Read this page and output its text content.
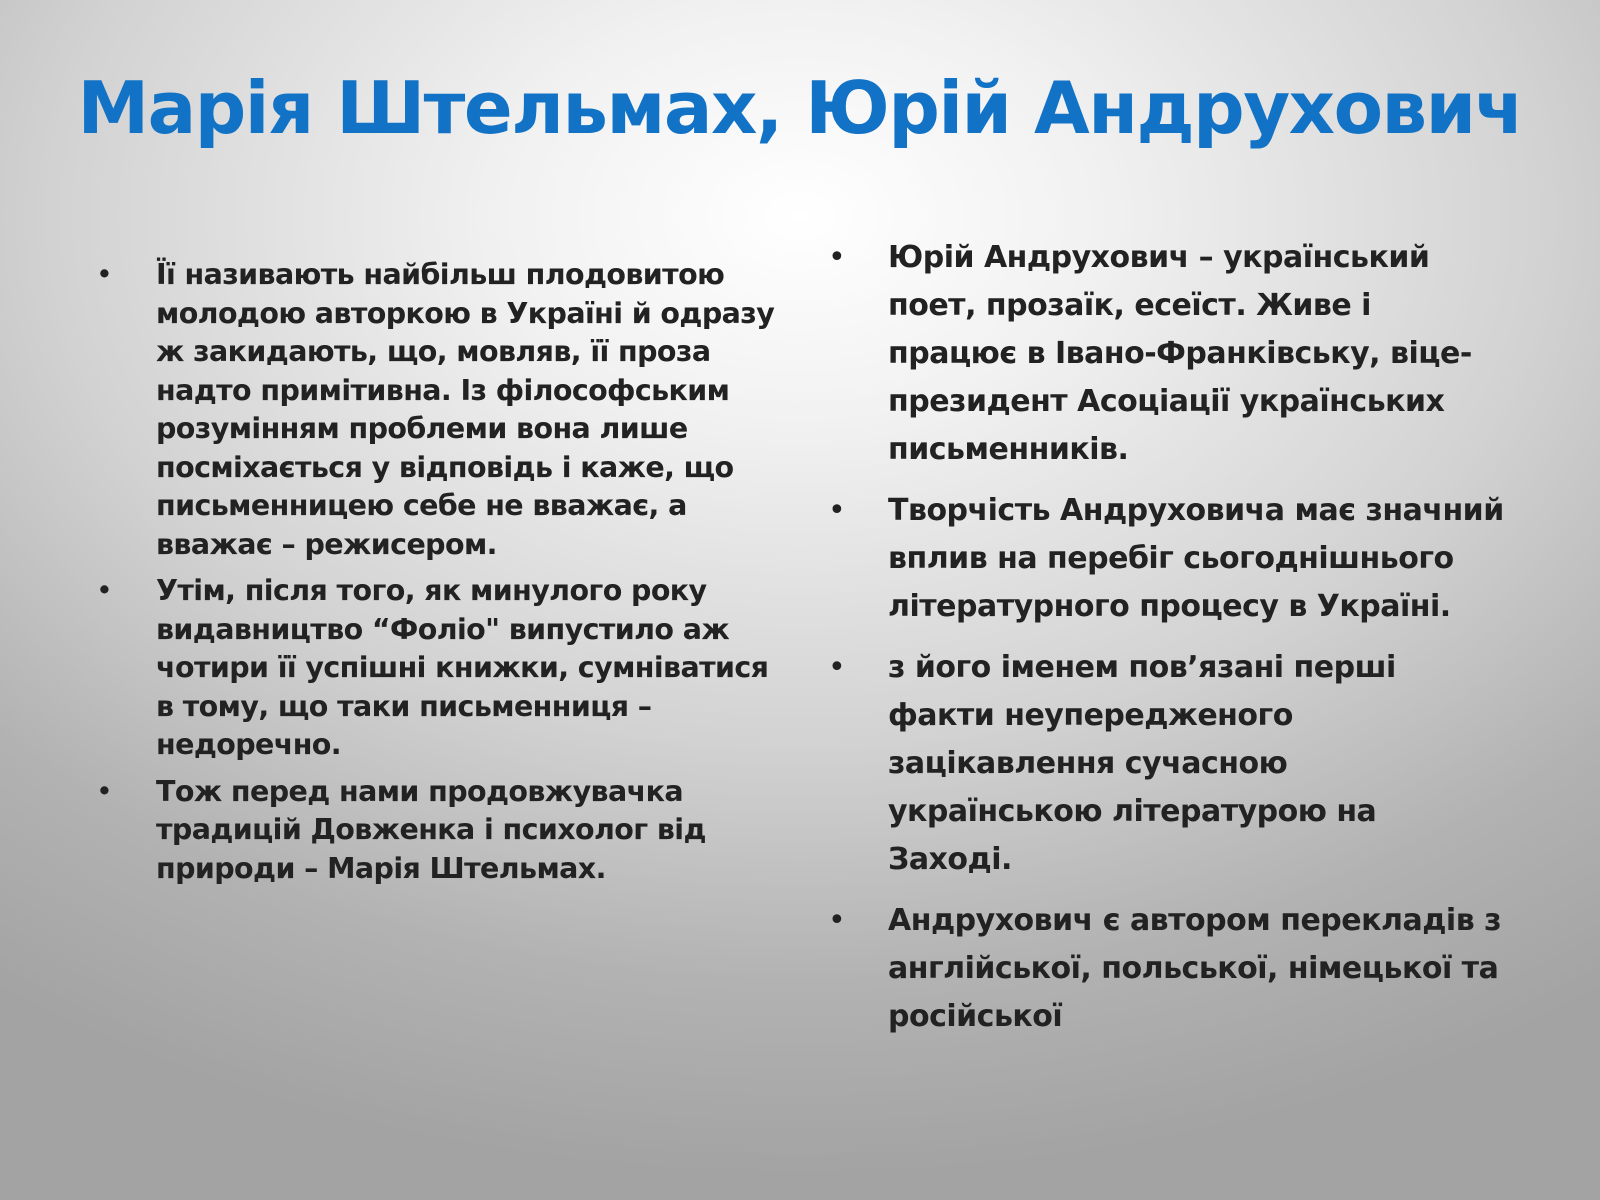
Марія Штельмах, Юрій Андрухович
• Її називають найбільш плодовитою молодою авторкою в Україні й одразу ж закидають, що, мовляв, її проза надто примітивна. Із філософським розумінням проблеми вона лише посміхається у відповідь і каже, що письменницею себе не вважає, а вважає – режисером.
• Утім, після того, як минулого року видавництво “Фоліо" випустило аж чотири її успішні книжки, сумніватися в тому, що таки письменниця – недоречно.
• Тож перед нами продовжувачка традицій Довженка і психолог від природи – Марія Штельмах.
• Юрій Андрухович – український поет, прозаїк, есеїст. Живе і працює в Івано-Франківську, віце-президент Асоціації українських письменників.
• Творчість Андруховича має значний вплив на перебіг сьогоднішнього літературного процесу в Україні.
• з його іменем пов’язані перші факти неупередженого зацікавлення сучасною українською літературою на Заході.
• Андрухович є автором перекладів з англійської, польської, німецької та російської
